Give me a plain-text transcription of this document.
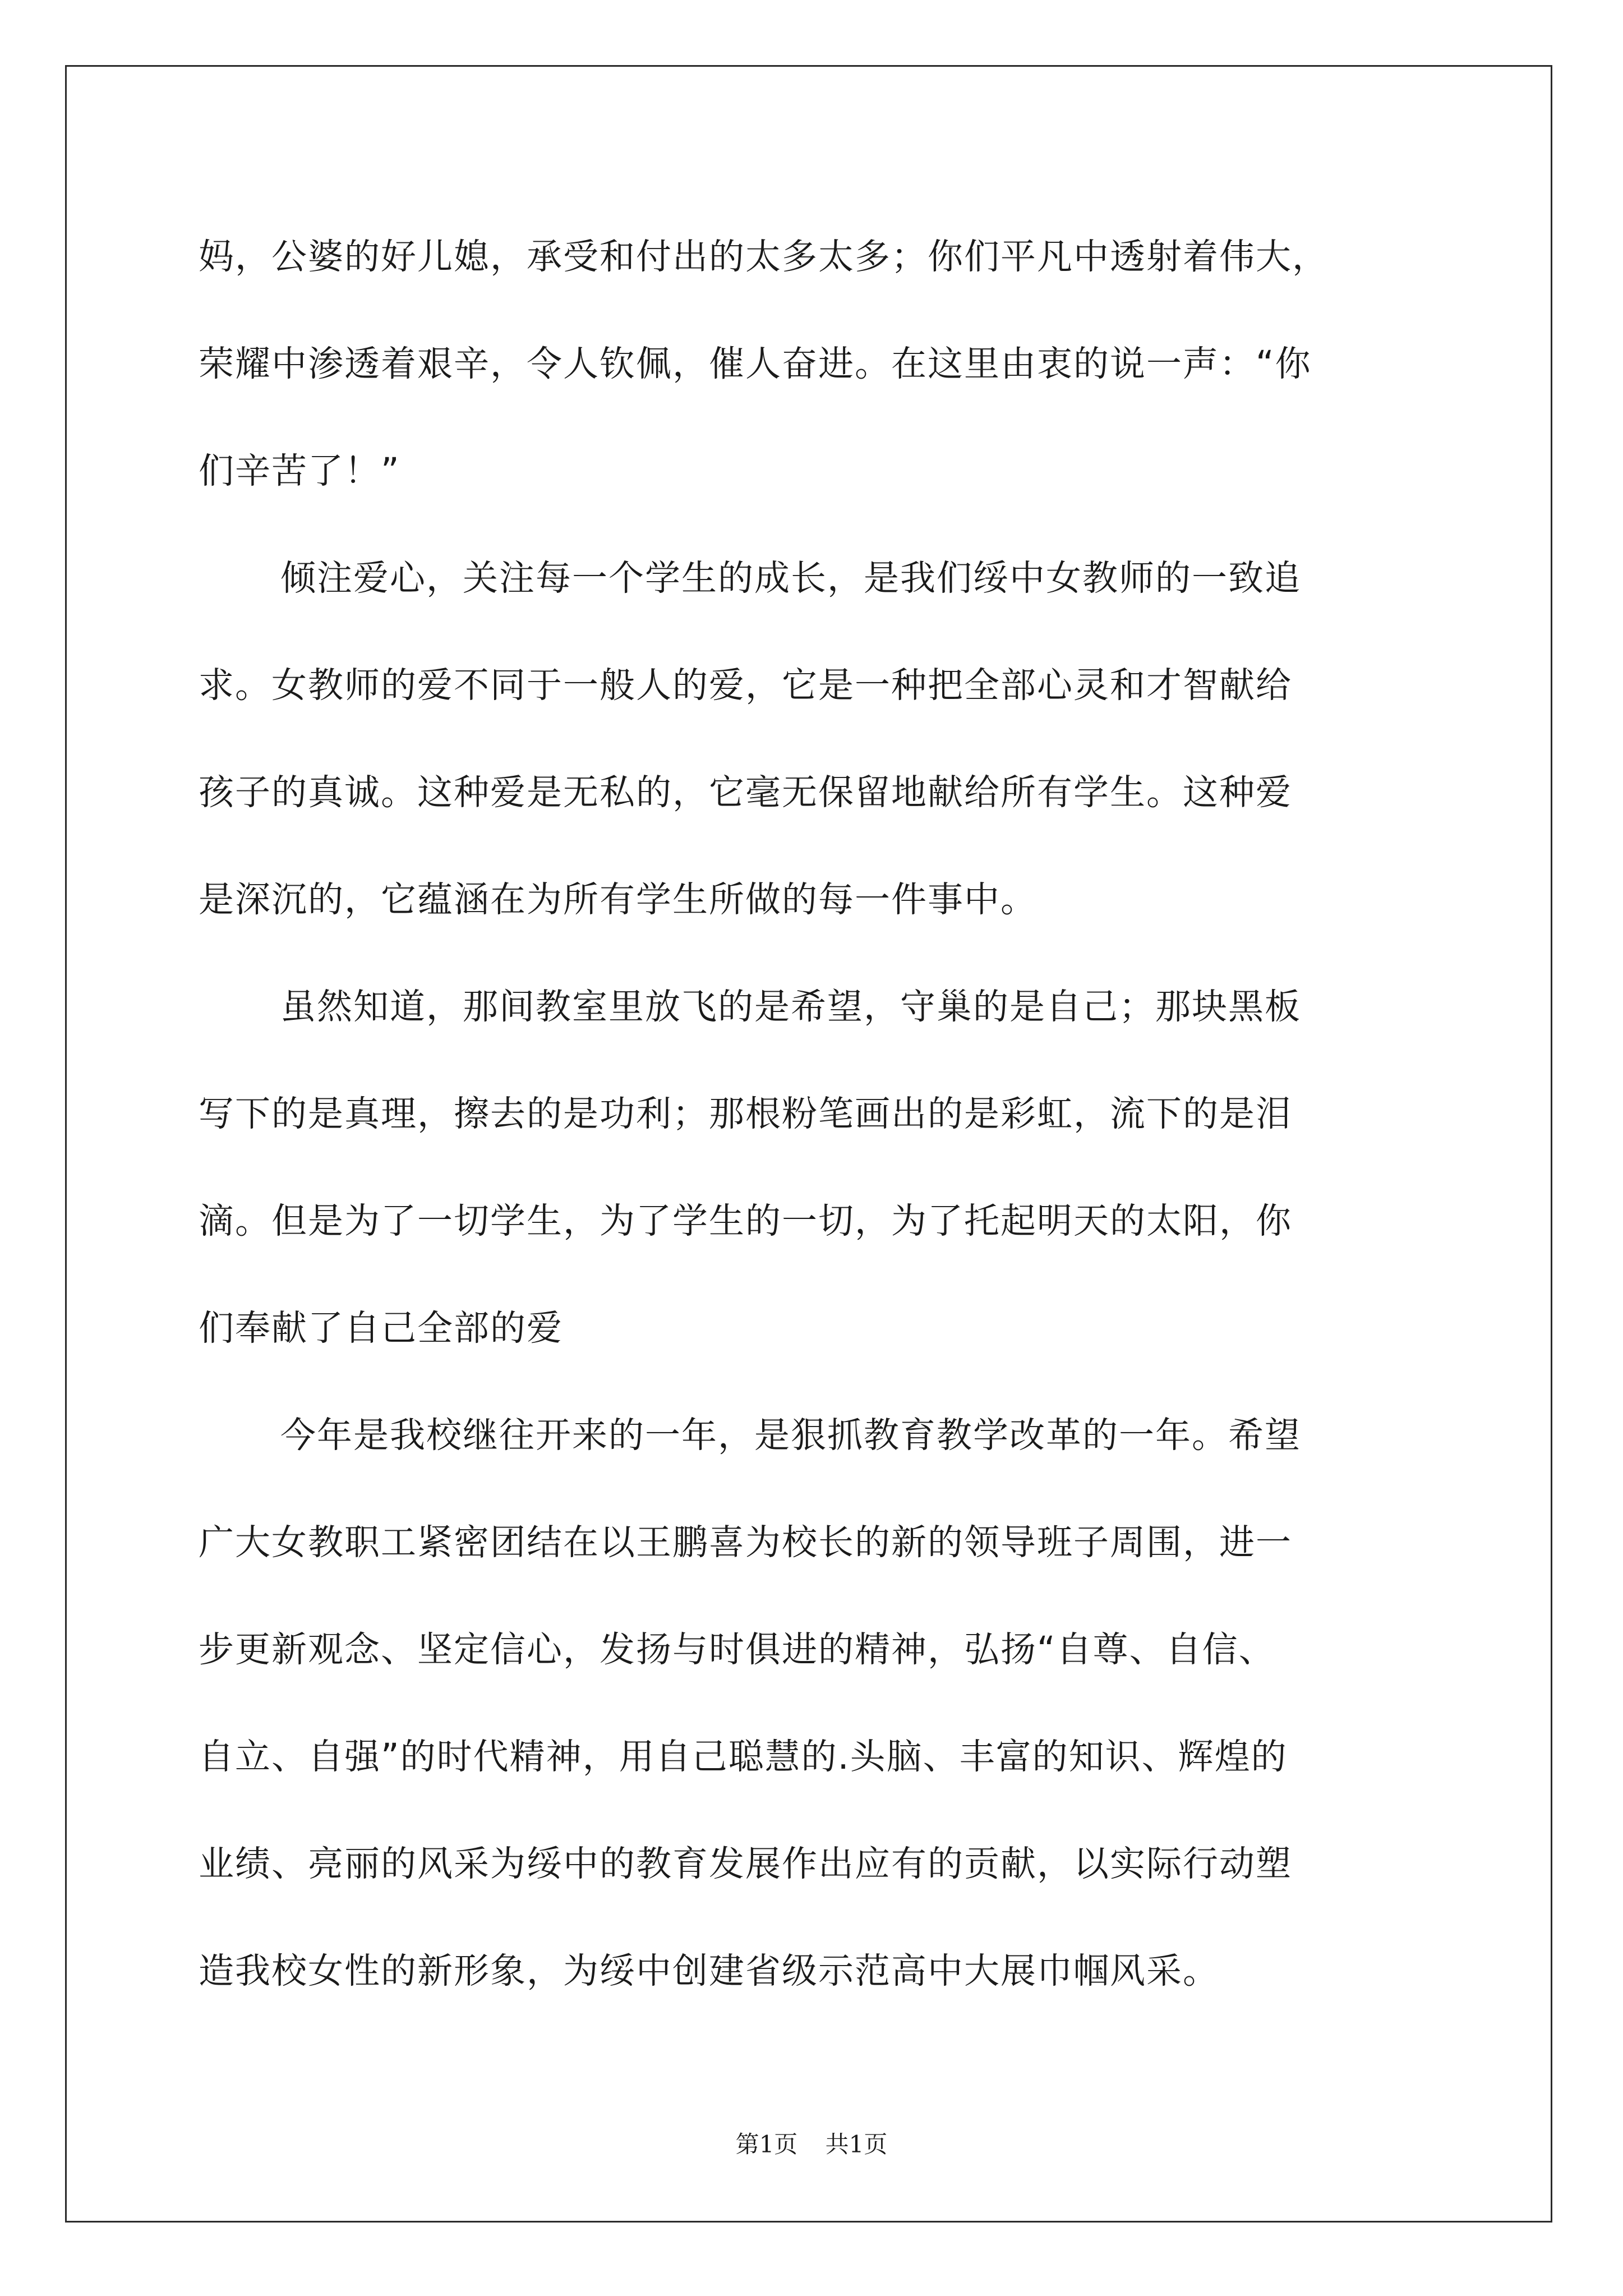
妈，公婆的好儿媳，承受和付出的太多太多；你们平凡中透射着伟大，
荣耀中渗透着艰辛，令人钦佩，催人奋进。在这里由衷的说一声：“你
们辛苦了！”
倾注爱心，关注每一个学生的成长，是我们绥中女教师的一致追
求。女教师的爱不同于一般人的爱，它是一种把全部心灵和才智献给
孩子的真诚。这种爱是无私的，它毫无保留地献给所有学生。这种爱
是深沉的，它蕴涵在为所有学生所做的每一件事中。
虽然知道，那间教室里放飞的是希望，守巢的是自己；那块黑板
写下的是真理，擦去的是功利；那根粉笔画出的是彩虹，流下的是泪
滴。但是为了一切学生，为了学生的一切，为了托起明天的太阳，你
们奉献了自己全部的爱
今年是我校继往开来的一年，是狠抓教育教学改革的一年。希望
广大女教职工紧密团结在以王鹏喜为校长的新的领导班子周围，进一
步更新观念、坚定信心，发扬与时俱进的精神，弘扬“自尊、自信、
自立、自强”的时代精神，用自己聪慧的.头脑、丰富的知识、辉煌的
业绩、亮丽的风采为绥中的教育发展作出应有的贡献，以实际行动塑
造我校女性的新形象，为绥中创建省级示范高中大展巾帼风采。
第1页 共1页
